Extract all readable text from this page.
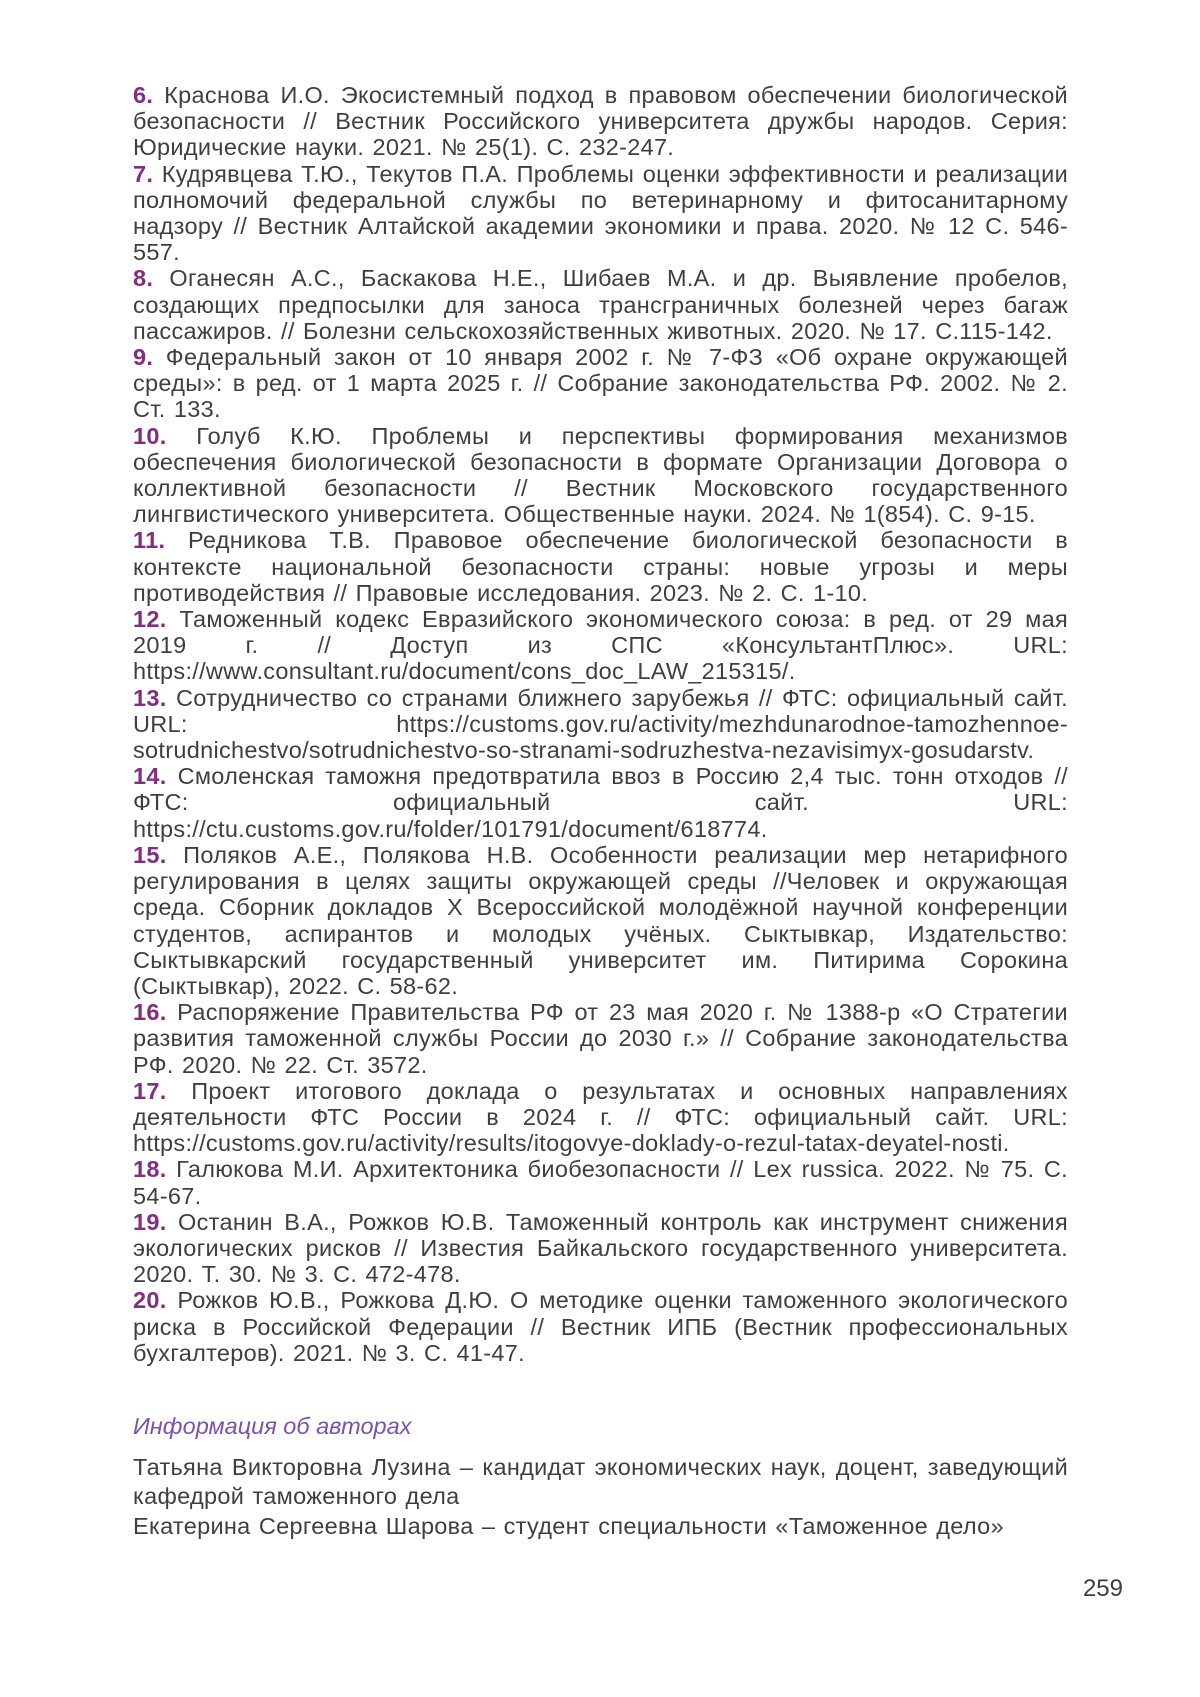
6. Краснова И.О. Экосистемный подход в правовом обеспечении биологической безопасности // Вестник Российского университета дружбы народов. Серия: Юридические науки. 2021. № 25(1). С. 232-247.

7. Кудрявцева Т.Ю., Текутов П.А. Проблемы оценки эффективности и реализации полномочий федеральной службы по ветеринарному и фитосанитарному надзору // Вестник Алтайской академии экономики и права. 2020. № 12 С. 546-557.

8. Оганесян А.С., Баскакова Н.Е., Шибаев М.А. и др. Выявление пробелов, создающих предпосылки для заноса трансграничных болезней через багаж пассажиров. // Болезни сельскохозяйственных животных. 2020. № 17. С.115-142.

9. Федеральный закон от 10 января 2002 г. № 7-ФЗ «Об охране окружающей среды»: в ред. от 1 марта 2025 г. // Собрание законодательства РФ. 2002. № 2. Ст. 133.

10. Голуб К.Ю. Проблемы и перспективы формирования механизмов обеспечения биологической безопасности в формате Организации Договора о коллективной безопасности // Вестник Московского государственного лингвистического университета. Общественные науки. 2024. № 1(854). С. 9-15.

11. Редникова Т.В. Правовое обеспечение биологической безопасности в контексте национальной безопасности страны: новые угрозы и меры противодействия // Правовые исследования. 2023. № 2. С. 1-10.

12. Таможенный кодекс Евразийского экономического союза: в ред. от 29 мая 2019 г. // Доступ из СПС «КонсультантПлюс». URL: https://www.consultant.ru/document/cons_doc_LAW_215315/.

13. Сотрудничество со странами ближнего зарубежья // ФТС: официальный сайт. URL: https://customs.gov.ru/activity/mezhdunarodnoe-tamozhennoe-sotrudnichestvo/sotrudnichestvo-so-stranami-sodruzhestva-nezavisimyx-gosudarstv.

14. Смоленская таможня предотвратила ввоз в Россию 2,4 тыс. тонн отходов // ФТС: официальный сайт. URL: https://ctu.customs.gov.ru/folder/101791/document/618774.

15. Поляков А.Е., Полякова Н.В. Особенности реализации мер нетарифного регулирования в целях защиты окружающей среды //Человек и окружающая среда. Сборник докладов X Всероссийской молодёжной научной конференции студентов, аспирантов и молодых учёных. Сыктывкар, Издательство: Сыктывкарский государственный университет им. Питирима Сорокина (Сыктывкар), 2022. С. 58-62.

16. Распоряжение Правительства РФ от 23 мая 2020 г. № 1388-р «О Стратегии развития таможенной службы России до 2030 г.» // Собрание законодательства РФ. 2020. № 22. Ст. 3572.

17. Проект итогового доклада о результатах и основных направлениях деятельности ФТС России в 2024 г. // ФТС: официальный сайт. URL: https://customs.gov.ru/activity/results/itogovye-doklady-o-rezul-tatax-deyatel-nosti.

18. Галюкова М.И. Архитектоника биобезопасности // Lex russica. 2022. № 75. С. 54-67.

19. Останин В.А., Рожков Ю.В. Таможенный контроль как инструмент снижения экологических рисков // Известия Байкальского государственного университета. 2020. Т. 30. № 3. С. 472-478.

20. Рожков Ю.В., Рожкова Д.Ю. О методике оценки таможенного экологического риска в Российской Федерации // Вестник ИПБ (Вестник профессиональных бухгалтеров). 2021. № 3. С. 41-47.

Информация об авторах

Татьяна Викторовна Лузина – кандидат экономических наук, доцент, заведующий кафедрой таможенного дела

Екатерина Сергеевна Шарова – студент специальности «Таможенное дело»

259
